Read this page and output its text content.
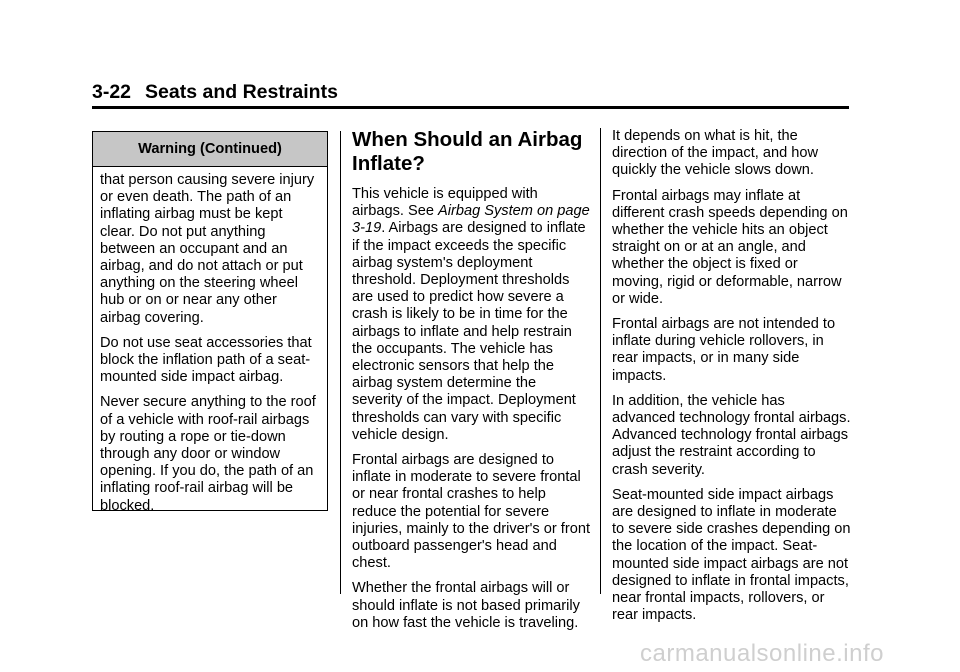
3-22 Seats and Restraints
Warning (Continued)

that person causing severe injury or even death. The path of an inflating airbag must be kept clear. Do not put anything between an occupant and an airbag, and do not attach or put anything on the steering wheel hub or on or near any other airbag covering.

Do not use seat accessories that block the inflation path of a seat-mounted side impact airbag.

Never secure anything to the roof of a vehicle with roof-rail airbags by routing a rope or tie-down through any door or window opening. If you do, the path of an inflating roof-rail airbag will be blocked.

When Should an Airbag Inflate?

This vehicle is equipped with airbags. See Airbag System on page 3-19. Airbags are designed to inflate if the impact exceeds the specific airbag system's deployment threshold. Deployment thresholds are used to predict how severe a crash is likely to be in time for the airbags to inflate and help restrain the occupants. The vehicle has electronic sensors that help the airbag system determine the severity of the impact. Deployment thresholds can vary with specific vehicle design.

Frontal airbags are designed to inflate in moderate to severe frontal or near frontal crashes to help reduce the potential for severe injuries, mainly to the driver's or front outboard passenger's head and chest.

Whether the frontal airbags will or should inflate is not based primarily on how fast the vehicle is traveling.

It depends on what is hit, the direction of the impact, and how quickly the vehicle slows down.

Frontal airbags may inflate at different crash speeds depending on whether the vehicle hits an object straight on or at an angle, and whether the object is fixed or moving, rigid or deformable, narrow or wide.

Frontal airbags are not intended to inflate during vehicle rollovers, in rear impacts, or in many side impacts.

In addition, the vehicle has advanced technology frontal airbags. Advanced technology frontal airbags adjust the restraint according to crash severity.

Seat-mounted side impact airbags are designed to inflate in moderate to severe side crashes depending on the location of the impact. Seat-mounted side impact airbags are not designed to inflate in frontal impacts, near frontal impacts, rollovers, or rear impacts.

carmanualsonline.info
